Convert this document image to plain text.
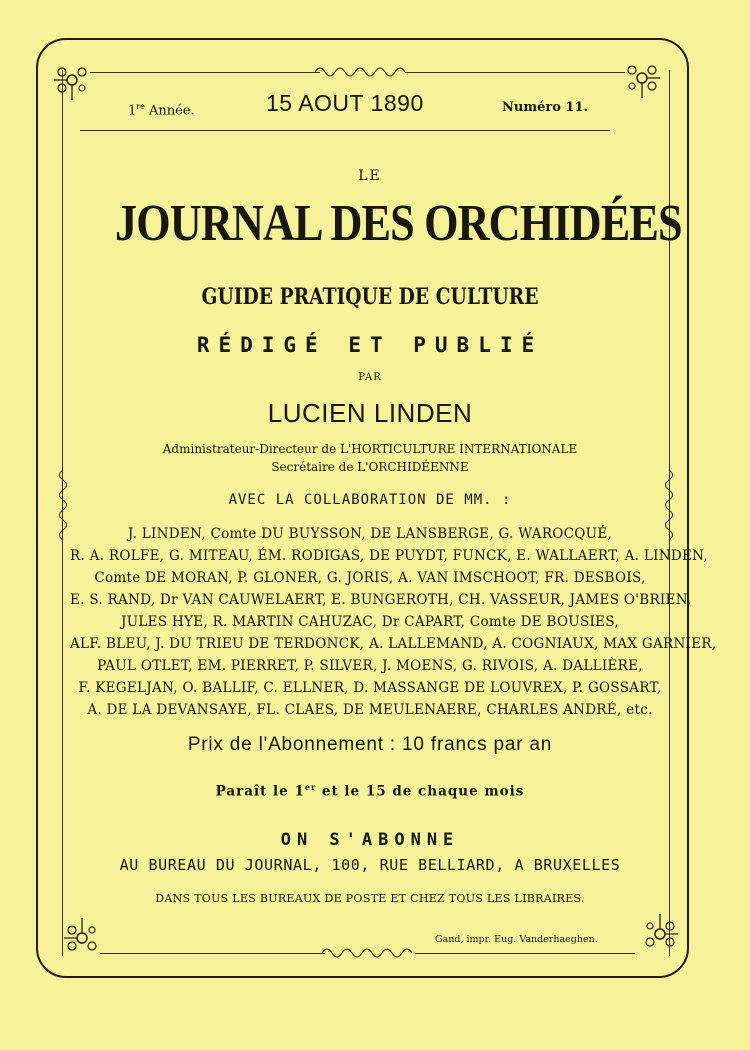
1re Année.	15 AOUT 1890	Numéro 11.
LE
JOURNAL DES ORCHIDÉES
GUIDE PRATIQUE DE CULTURE
RÉDIGÉ ET PUBLIÉ
PAR
LUCIEN LINDEN
Administrateur-Directeur de L'HORTICULTURE INTERNATIONALE
Secrétaire de L'ORCHIDÉENNE
AVEC LA COLLABORATION DE MM. :
J. LINDEN, Comte DU BUYSSON, DE LANSBERGE, G. WAROCQUÉ,
R. A. ROLFE, G. MITEAU, ÉM. RODIGAS, DE PUYDT, FUNCK, E. WALLAERT, A. LINDEN,
Comte DE MORAN, P. GLONER, G. JORIS, A. VAN IMSCHOOT, FR. DESBOIS,
E. S. RAND, Dr VAN CAUWELAERT, E. BUNGEROTH, CH. VASSEUR, JAMES O'BRIEN,
JULES HYE, R. MARTIN CAHUZAC, Dr CAPART, Comte DE BOUSIES,
ALF. BLEU, J. DU TRIEU DE TERDONCK, A. LALLEMAND, A. COGNIAUX, MAX GARNIER,
PAUL OTLET, EM. PIERRET, P. SILVER, J. MOENS, G. RIVOIS, A. DALLIÈRE,
F. KEGELJAN, O. BALLIF, C. ELLNER, D. MASSANGE DE LOUVREX, P. GOSSART,
A. DE LA DEVANSAYE, FL. CLAES, DE MEULENAERE, CHARLES ANDRÉ, etc.
Prix de l'Abonnement : 10 francs par an
Paraît le 1er et le 15 de chaque mois
ON S'ABONNE
AU BUREAU DU JOURNAL, 100, RUE BELLIARD, A BRUXELLES
DANS TOUS LES BUREAUX DE POSTE ET CHEZ TOUS LES LIBRAIRES.
Gand, impr. Eug. Vanderhaeghen.
